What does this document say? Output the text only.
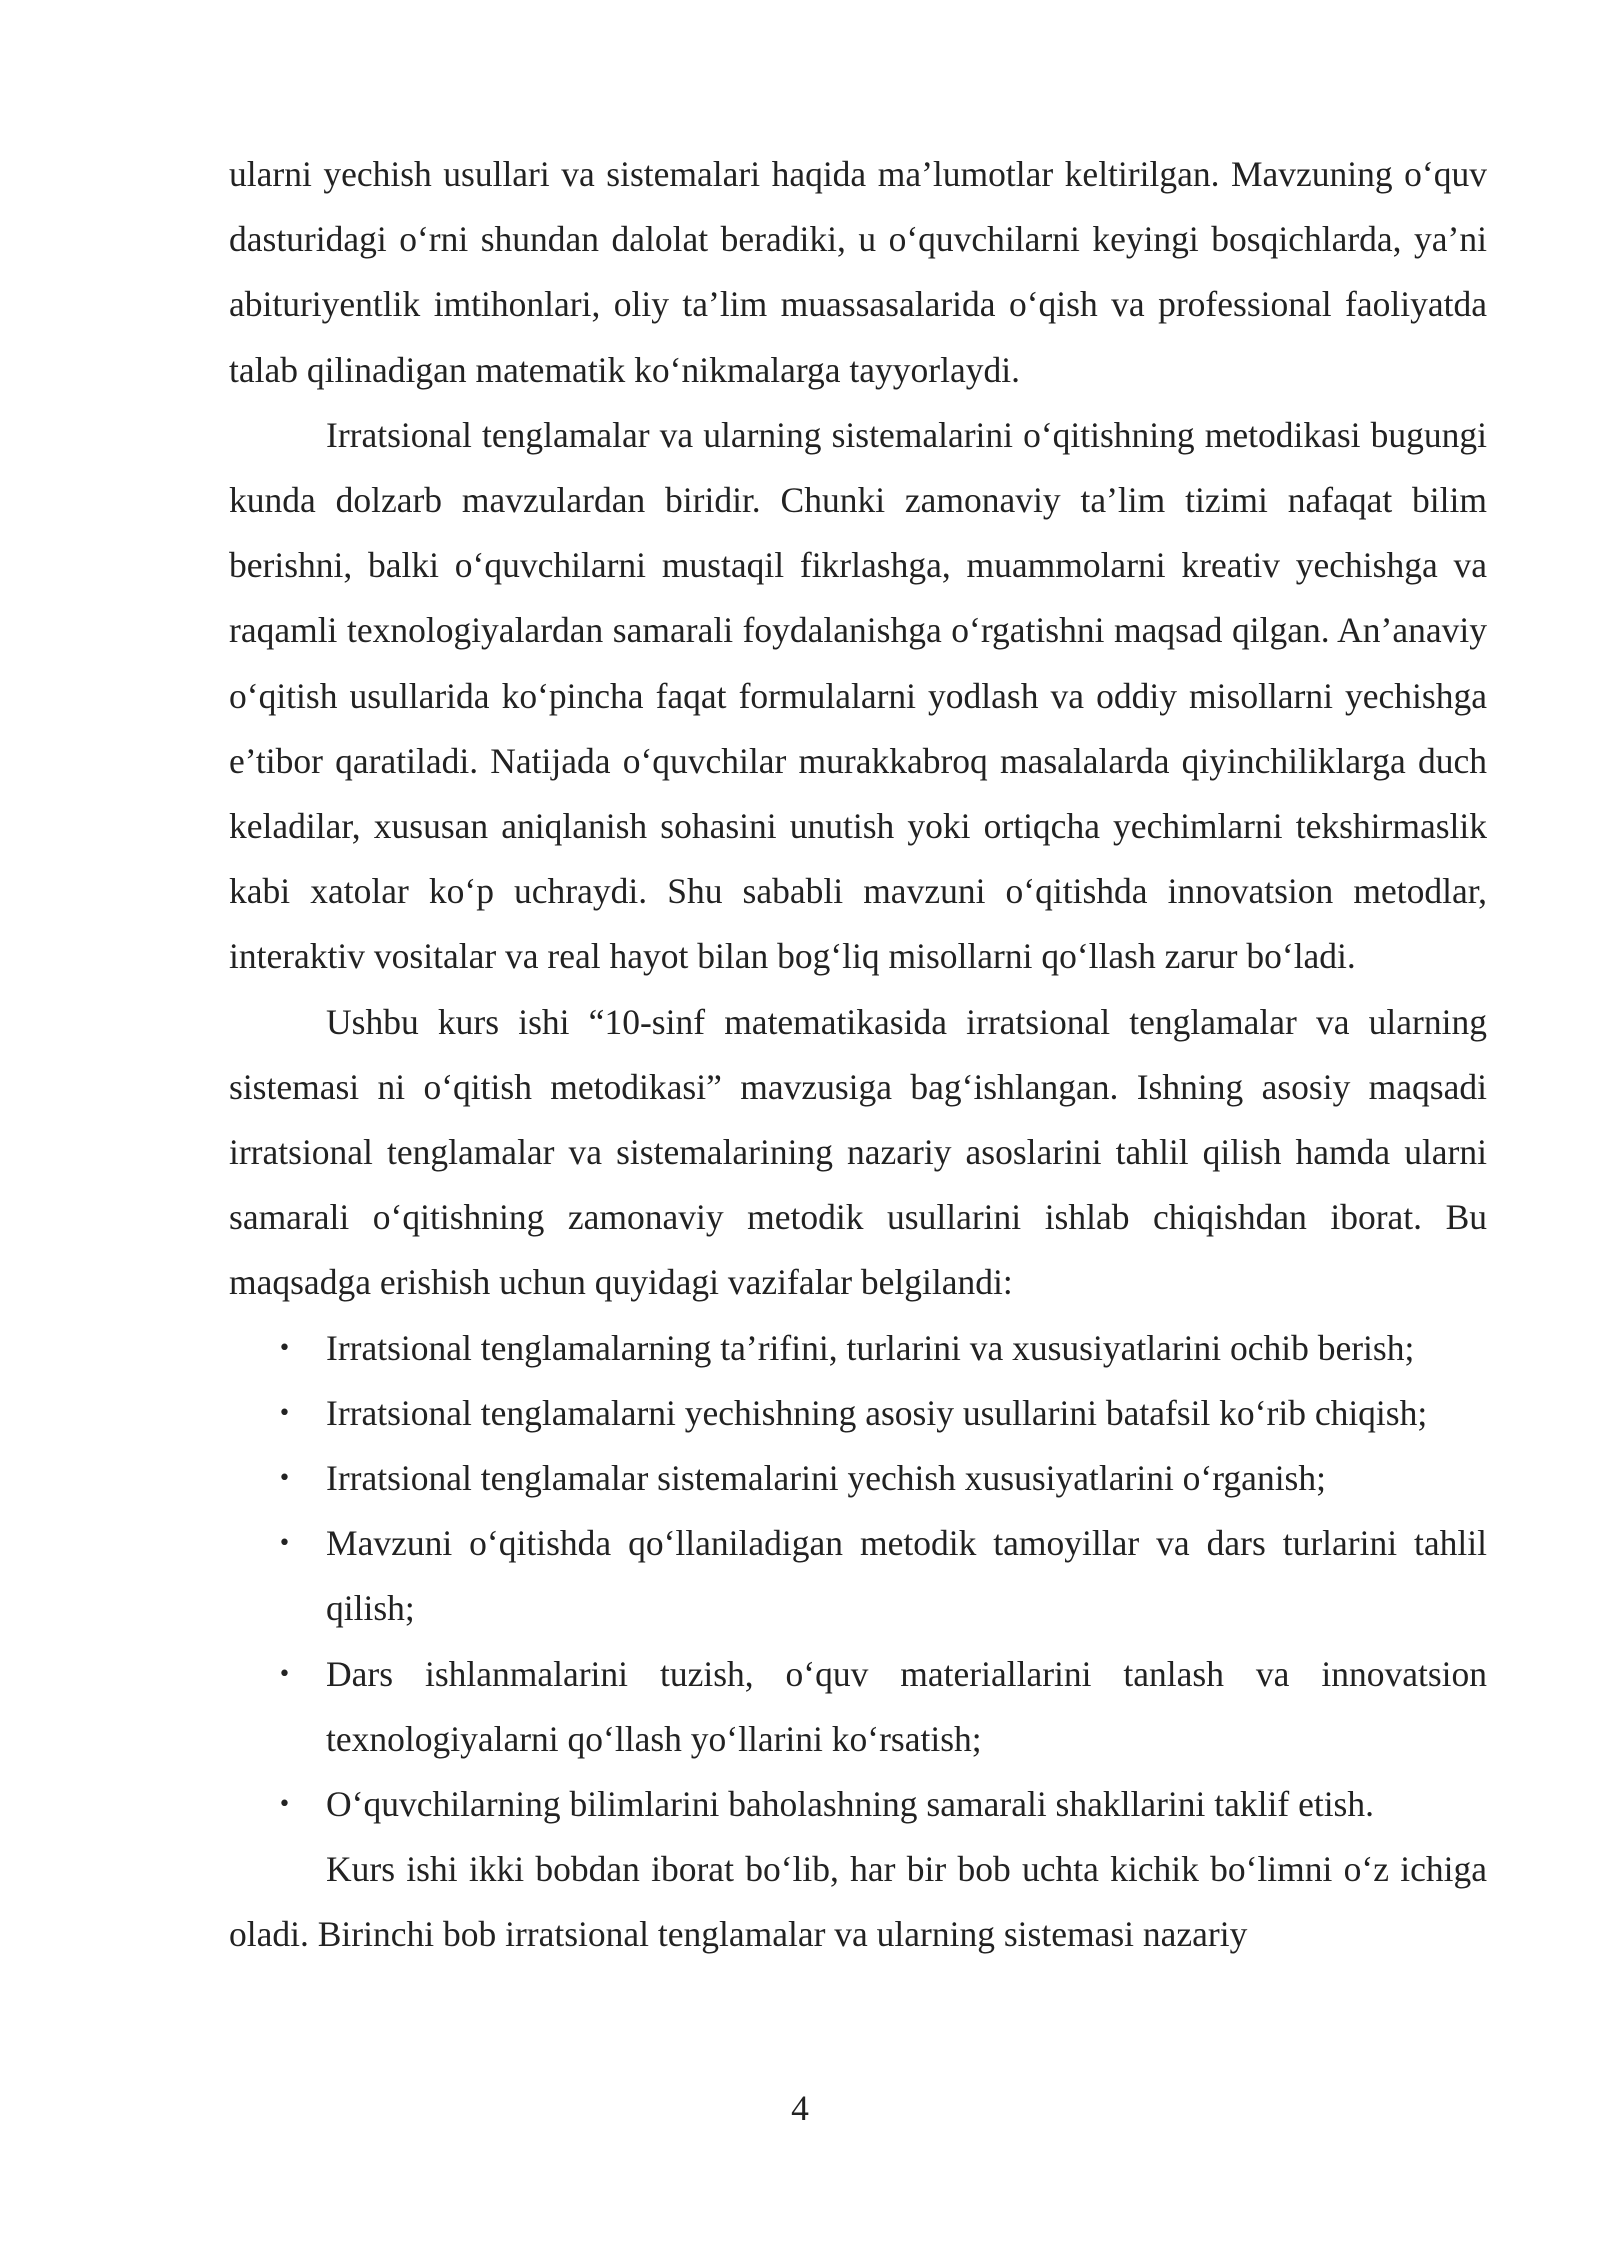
ularni yechish usullari va sistemalari haqida ma’lumotlar keltirilgan. Mavzuning o‘quv dasturidagi o‘rni shundan dalolat beradiki, u o‘quvchilarni keyingi bosqichlarda, ya’ni abituriyentlik imtihonlari, oliy ta’lim muassasalarida o‘qish va professional faoliyatda talab qilinadigan matematik ko‘nikmalarga tayyorlaydi.

Irratsional tenglamalar va ularning sistemalarini o‘qitishning metodikasi bugungi kunda dolzarb mavzulardan biridir. Chunki zamonaviy ta’lim tizimi nafaqat bilim berishni, balki o‘quvchilarni mustaqil fikrlashga, muammolarni kreativ yechishga va raqamli texnologiyalardan samarali foydalanishga o‘rgatishni maqsad qilgan. An’anaviy o‘qitish usullarida ko‘pincha faqat formulalarni yodlash va oddiy misollarni yechishga e’tibor qaratiladi. Natijada o‘quvchilar murakkabroq masalalarda qiyinchiliklarga duch keladilar, xususan aniqlanish sohasini unutish yoki ortiqcha yechimlarni tekshirmaslik kabi xatolar ko‘p uchraydi. Shu sababli mavzuni o‘qitishda innovatsion metodlar, interaktiv vositalar va real hayot bilan bog‘liq misollarni qo‘llash zarur bo‘ladi.

Ushbu kurs ishi “10-sinf matematikasida irratsional tenglamalar va ularning sistemasi ni o‘qitish metodikasi” mavzusiga bag‘ishlangan. Ishning asosiy maqsadi irratsional tenglamalar va sistemalarining nazariy asoslarini tahlil qilish hamda ularni samarali o‘qitishning zamonaviy metodik usullarini ishlab chiqishdan iborat. Bu maqsadga erishish uchun quyidagi vazifalar belgilandi:

• Irratsional tenglamalarning ta’rifini, turlarini va xususiyatlarini ochib berish;
• Irratsional tenglamalarni yechishning asosiy usullarini batafsil ko‘rib chiqish;
• Irratsional tenglamalar sistemalarini yechish xususiyatlarini o‘rganish;
• Mavzuni o‘qitishda qo‘llaniladigan metodik tamoyillar va dars turlarini tahlil qilish;
• Dars ishlanmalarini tuzish, o‘quv materiallarini tanlash va innovatsion texnologiyalarni qo‘llash yo‘llarini ko‘rsatish;
• O‘quvchilarning bilimlarini baholashning samarali shakllarini taklif etish.

Kurs ishi ikki bobdan iborat bo‘lib, har bir bob uchta kichik bo‘limni o‘z ichiga oladi. Birinchi bob irratsional tenglamalar va ularning sistemasi nazariy

4
